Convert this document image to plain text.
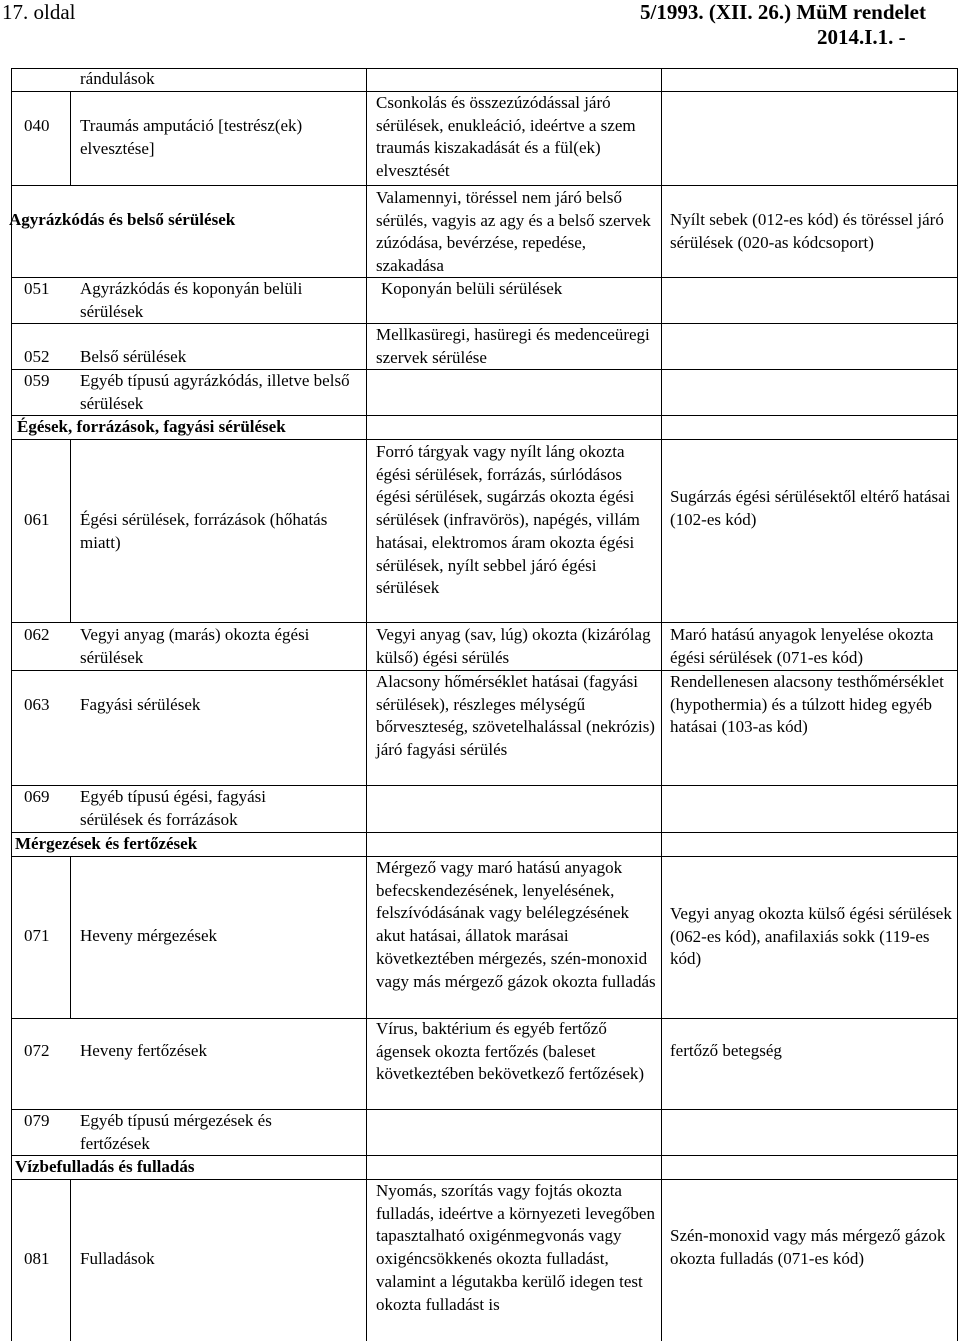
17. oldal	5/1993. (XII. 26.) MüM rendelet
2014.I.1. -
rándulások
040 Traumás amputáció [testrész(ek) elvesztése]
Csonkolás és összezúzódással járó sérülések, enukleáció, ideértve a szem traumás kiszakadását és a fül(ek) elvesztését
Agyrázkódás és belső sérülések
Valamennyi, töréssel nem járó belső sérülés, vagyis az agy és a belső szervek zúzódása, bevérzése, repedése, szakadása
Nyílt sebek (012-es kód) és töréssel járó sérülések (020-as kódcsoport)
051 Agyrázkódás és koponyán belüli sérülések
Koponyán belüli sérülések
052 Belső sérülések
Mellkasüregi, hasüregi és medenceüregi szervek sérülése
059 Egyéb típusú agyrázkódás, illetve belső sérülések
Égések, forrázások, fagyási sérülések
061 Égési sérülések, forrázások (hőhatás miatt)
Forró tárgyak vagy nyílt láng okozta égési sérülések, forrázás, súrlódásos égési sérülések, sugárzás okozta égési sérülések (infravörös), napégés, villám hatásai, elektromos áram okozta égési sérülések, nyílt sebbel járó égési sérülések
Sugárzás égési sérülésektől eltérő hatásai (102-es kód)
062 Vegyi anyag (marás) okozta égési sérülések
Vegyi anyag (sav, lúg) okozta (kizárólag külső) égési sérülés
Maró hatású anyagok lenyelése okozta égési sérülések (071-es kód)
063 Fagyási sérülések
Alacsony hőmérséklet hatásai (fagyási sérülések), részleges mélységű bőrveszteség, szövetelhalással (nekrózis) járó fagyási sérülés
Rendellenesen alacsony testhőmérséklet (hypothermia) és a túlzott hideg egyéb hatásai (103-as kód)
069 Egyéb típusú égési, fagyási sérülések és forrázások
Mérgezések és fertőzések
071 Heveny mérgezések
Mérgező vagy maró hatású anyagok befecskendezésének, lenyelésének, felszívódásának vagy belélegzésének akut hatásai, állatok marásai következtében mérgezés, szén-monoxid vagy más mérgező gázok okozta fulladás
Vegyi anyag okozta külső égési sérülések (062-es kód), anafilaxiás sokk (119-es kód)
072 Heveny fertőzések
Vírus, baktérium és egyéb fertőző ágensek okozta fertőzés (baleset következtében bekövetkező fertőzések)
fertőző betegség
079 Egyéb típusú mérgezések és fertőzések
Vízbefulladás és fulladás
081 Fulladások
Nyomás, szorítás vagy fojtás okozta fulladás, ideértve a környezeti levegőben tapasztalható oxigénmegvonás vagy oxigéncsökkenés okozta fulladást, valamint a légutakba kerülő idegen test okozta fulladást is
Szén-monoxid vagy más mérgező gázok okozta fulladás (071-es kód)
